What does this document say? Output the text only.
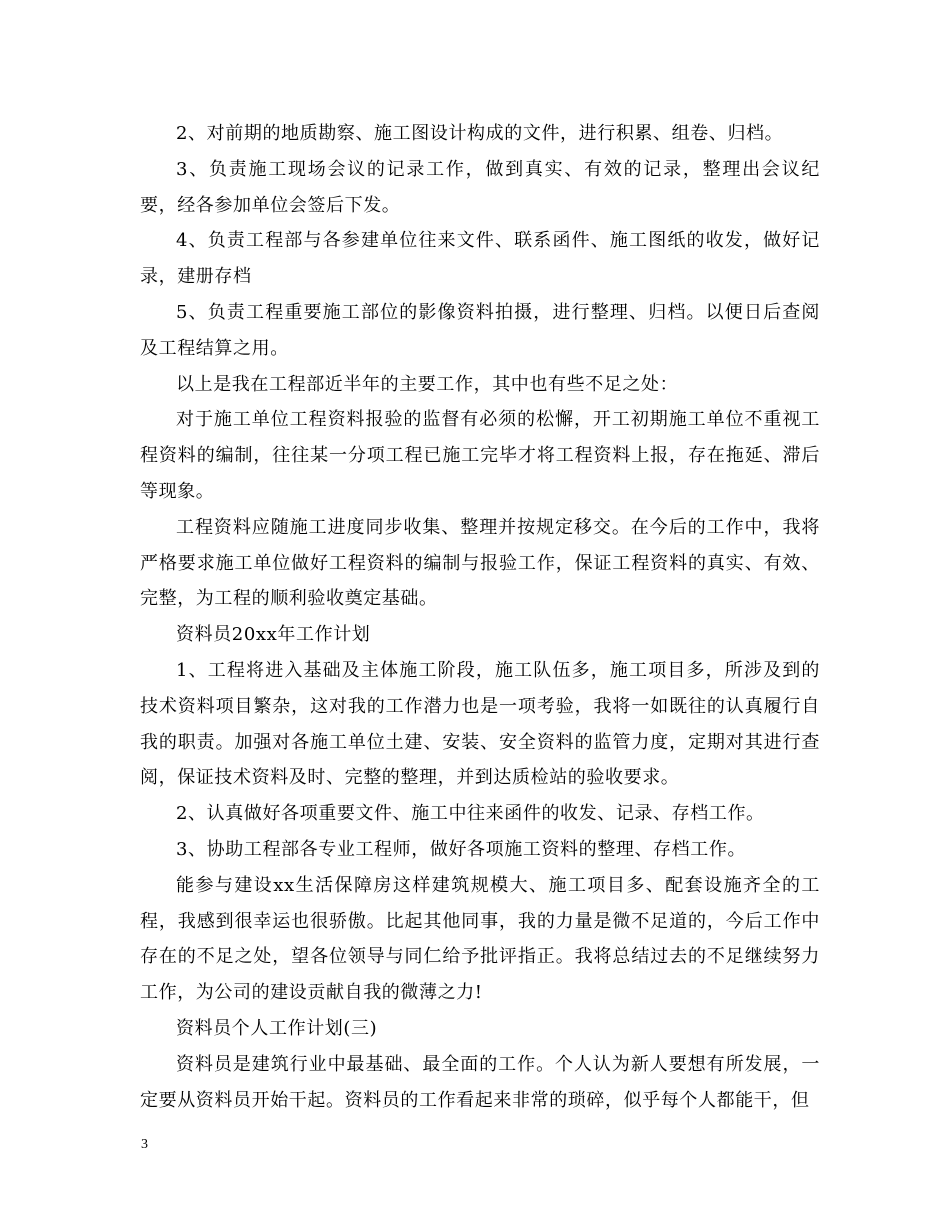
2、对前期的地质勘察、施工图设计构成的文件，进行积累、组卷、归档。

3、负责施工现场会议的记录工作，做到真实、有效的记录，整理出会议纪要，经各参加单位会签后下发。

4、负责工程部与各参建单位往来文件、联系函件、施工图纸的收发，做好记录，建册存档

5、负责工程重要施工部位的影像资料拍摄，进行整理、归档。以便日后查阅及工程结算之用。

以上是我在工程部近半年的主要工作，其中也有些不足之处：

对于施工单位工程资料报验的监督有必须的松懈，开工初期施工单位不重视工程资料的编制，往往某一分项工程已施工完毕才将工程资料上报，存在拖延、滞后等现象。

工程资料应随施工进度同步收集、整理并按规定移交。在今后的工作中，我将严格要求施工单位做好工程资料的编制与报验工作，保证工程资料的真实、有效、完整，为工程的顺利验收奠定基础。

资料员20xx年工作计划

1、工程将进入基础及主体施工阶段，施工队伍多，施工项目多，所涉及到的技术资料项目繁杂，这对我的工作潜力也是一项考验，我将一如既往的认真履行自我的职责。加强对各施工单位土建、安装、安全资料的监管力度，定期对其进行查阅，保证技术资料及时、完整的整理，并到达质检站的验收要求。

2、认真做好各项重要文件、施工中往来函件的收发、记录、存档工作。

3、协助工程部各专业工程师，做好各项施工资料的整理、存档工作。

能参与建设xx生活保障房这样建筑规模大、施工项目多、配套设施齐全的工程，我感到很幸运也很骄傲。比起其他同事，我的力量是微不足道的，今后工作中存在的不足之处，望各位领导与同仁给予批评指正。我将总结过去的不足继续努力工作，为公司的建设贡献自我的微薄之力!

资料员个人工作计划(三)

资料员是建筑行业中最基础、最全面的工作。个人认为新人要想有所发展，一定要从资料员开始干起。资料员的工作看起来非常的琐碎，似乎每个人都能干，但

3
